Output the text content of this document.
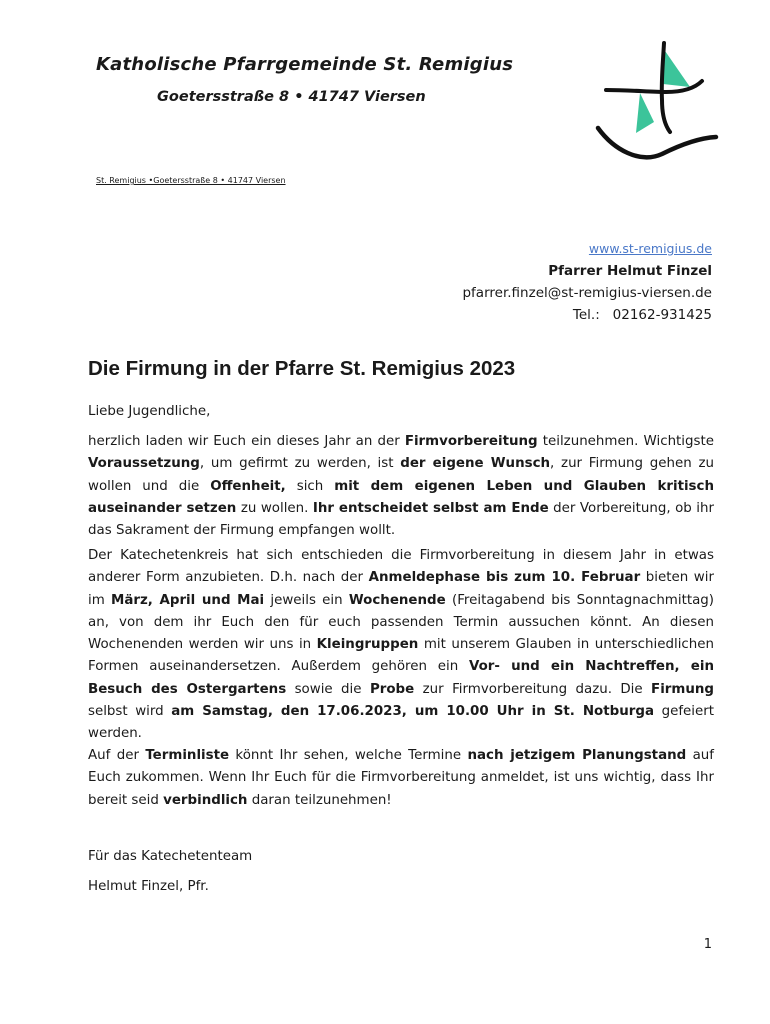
Katholische Pfarrgemeinde St. Remigius
Goetersstraße 8 • 41747 Viersen
St. Remigius •Goetersstraße 8 • 41747 Viersen
www.st-remigius.de
Pfarrer Helmut Finzel
pfarrer.finzel@st-remigius-viersen.de
Tel.:   02162-931425
Die Firmung in der Pfarre St. Remigius 2023
Liebe Jugendliche,

herzlich laden wir Euch ein dieses Jahr an der Firmvorbereitung teilzunehmen. Wichtigste Voraussetzung, um gefirmt zu werden, ist der eigene Wunsch, zur Firmung gehen zu wollen und die Offenheit, sich mit dem eigenen Leben und Glauben kritisch auseinander setzen zu wollen. Ihr entscheidet selbst am Ende der Vorbereitung, ob ihr das Sakrament der Firmung empfangen wollt.

Der Katechetenkreis hat sich entschieden die Firmvorbereitung in diesem Jahr in etwas anderer Form anzubieten. D.h. nach der Anmeldephase bis zum 10. Februar bieten wir im März, April und Mai jeweils ein Wochenende (Freitagabend bis Sonntagnachmittag) an, von dem ihr Euch den für euch passenden Termin aussuchen könnt. An diesen Wochenenden werden wir uns in Kleingruppen mit unserem Glauben in unterschiedlichen Formen auseinandersetzen. Außerdem gehören ein Vor- und ein Nachtreffen, ein Besuch des Ostergartens sowie die Probe zur Firmvorbereitung dazu. Die Firmung selbst wird am Samstag, den 17.06.2023, um 10.00 Uhr in St. Notburga gefeiert werden.

Auf der Terminliste könnt Ihr sehen, welche Termine nach jetzigem Planungstand auf Euch zukommen. Wenn Ihr Euch für die Firmvorbereitung anmeldet, ist uns wichtig, dass Ihr bereit seid verbindlich daran teilzunehmen!

Für das Katechetenteam
Helmut Finzel, Pfr.
1
